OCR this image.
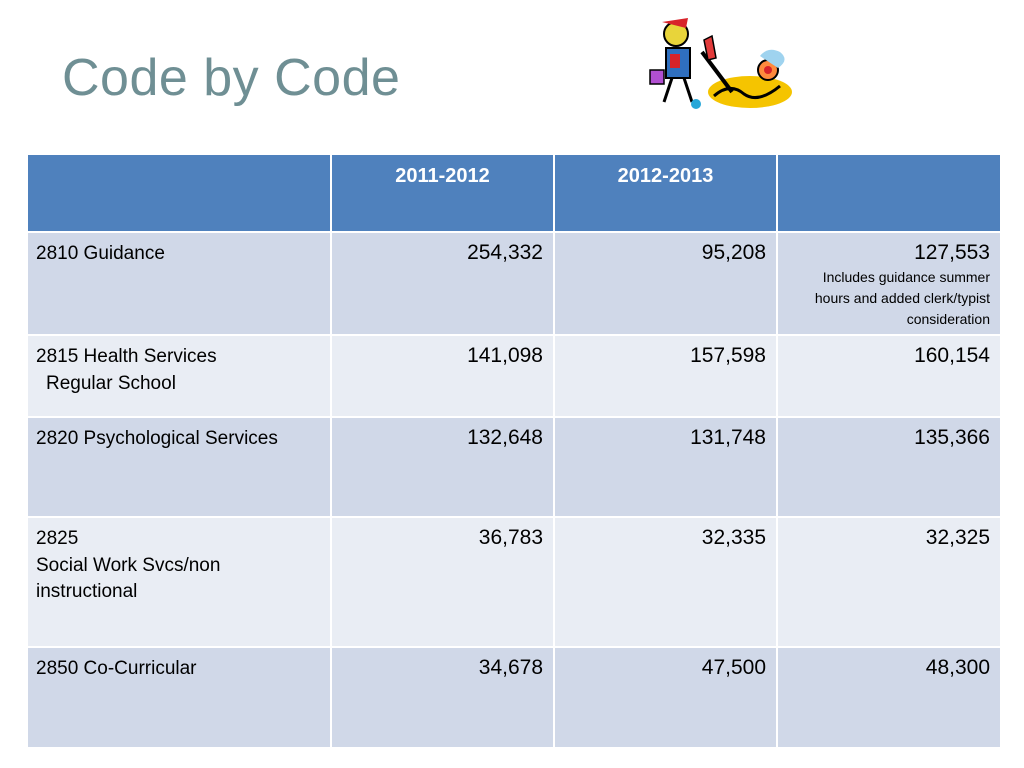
Code by Code

	2011-2012	2012-2013	

2810 Guidance	254,332	95,208	127,553
Includes guidance summer hours and added clerk/typist consideration

2815 Health Services
Regular School	141,098	157,598	160,154
2820 Psychological Services	132,648	131,748	135,366

2825
Social Work Svcs/non instructional	36,783	32,335	32,325
2850 Co-Curricular	34,678	47,500	48,300
